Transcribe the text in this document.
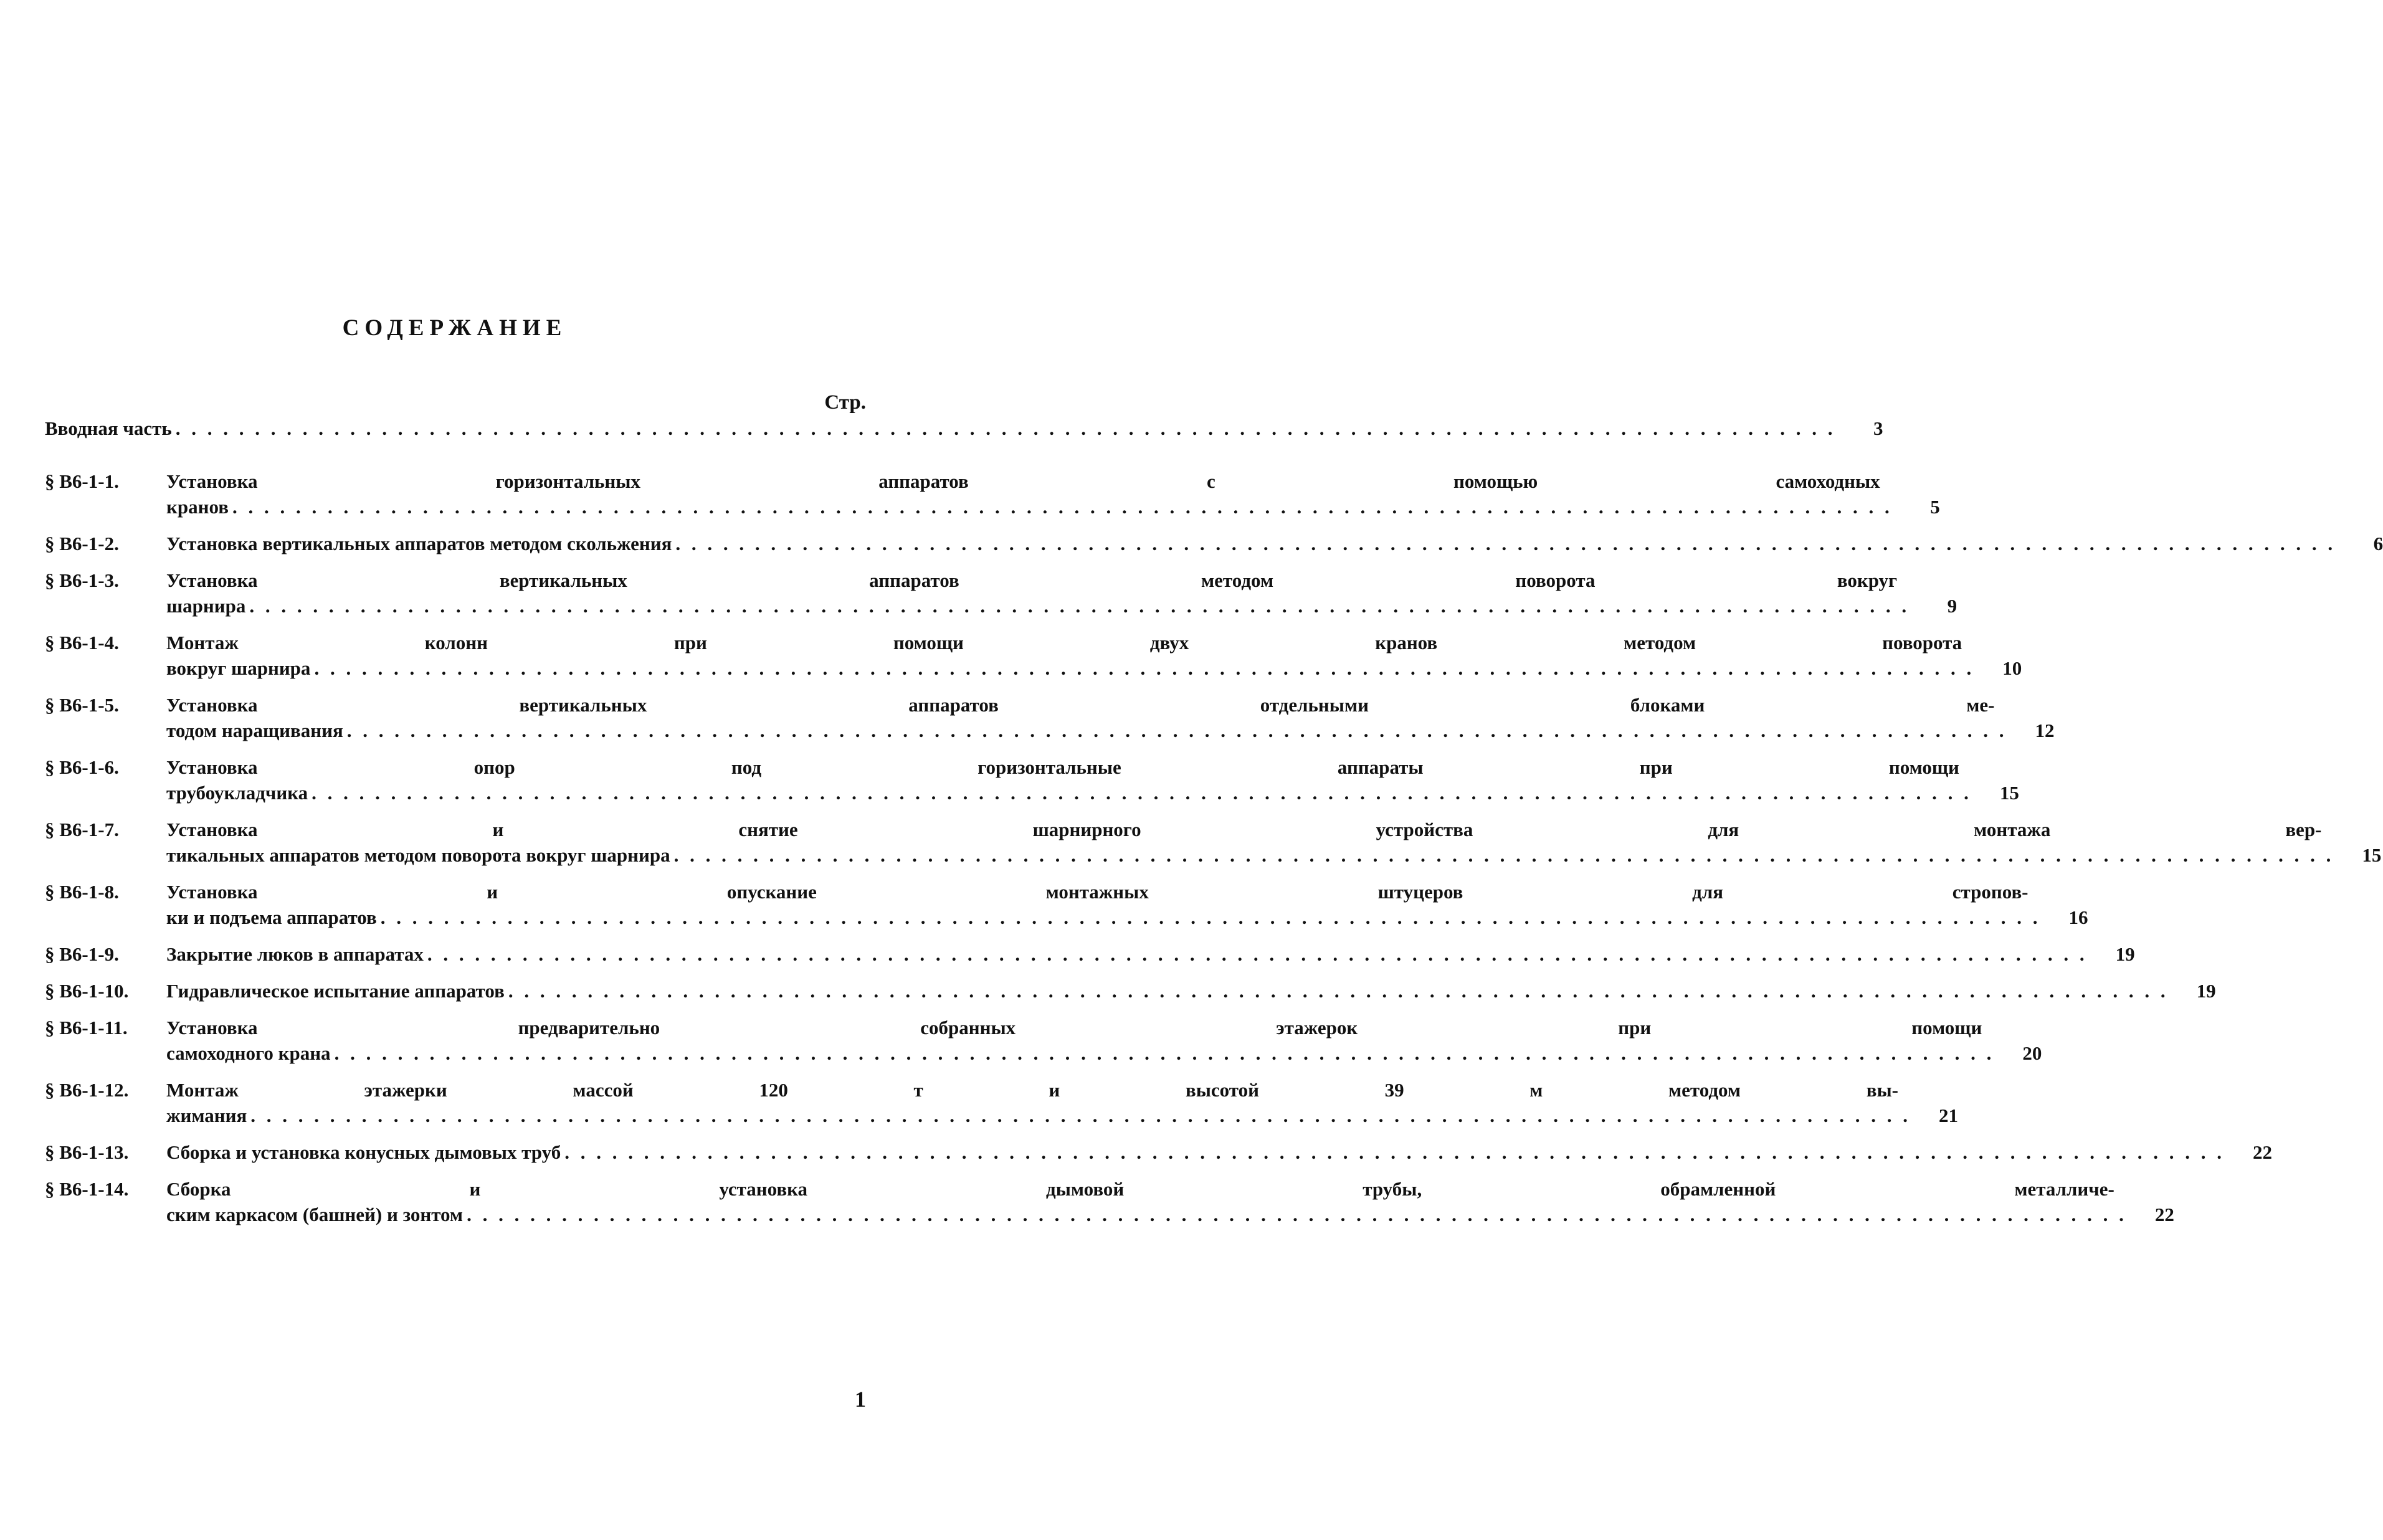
СОДЕРЖАНИЕ
Стр.
Вводная часть . . .	3
§ В6-1-1.	Установка горизонтальных аппаратов с помощью самоходных
кранов . . .	5
§ В6-1-2.	Установка вертикальных аппаратов методом скольжения . . .	6
§ В6-1-3.	Установка вертикальных аппаратов методом поворота вокруг
шарнира . . .	9
§ В6-1-4.	Монтаж колонн при помощи двух кранов методом поворота
вокруг шарнира . . .	10
§ В6-1-5.	Установка вертикальных аппаратов отдельными блоками ме-
тодом наращивания . . .	12
§ В6-1-6.	Установка опор под горизонтальные аппараты при помощи
трубоукладчика . . .	15
§ В6-1-7.	Установка и снятие шарнирного устройства для монтажа вер-
тикальных аппаратов методом поворота вокруг шарнира . . .	15
§ В6-1-8.	Установка и опускание монтажных штуцеров для стропов-
ки и подъема аппаратов . . .	16
§ В6-1-9.	Закрытие люков в аппаратах . . .	19
§ В6-1-10.	Гидравлическое испытание аппаратов . . .	19
§ В6-1-11.	Установка предварительно собранных этажерок при помощи
самоходного крана . . .	20
§ В6-1-12.	Монтаж этажерки массой 120 т и высотой 39 м методом вы-
жимания . . .	21
§ В6-1-13.	Сборка и установка конусных дымовых труб . . .	22
§ В6-1-14.	Сборка и установка дымовой трубы, обрамленной металличе-
ским каркасом (башней) и зонтом . . .	22
1
